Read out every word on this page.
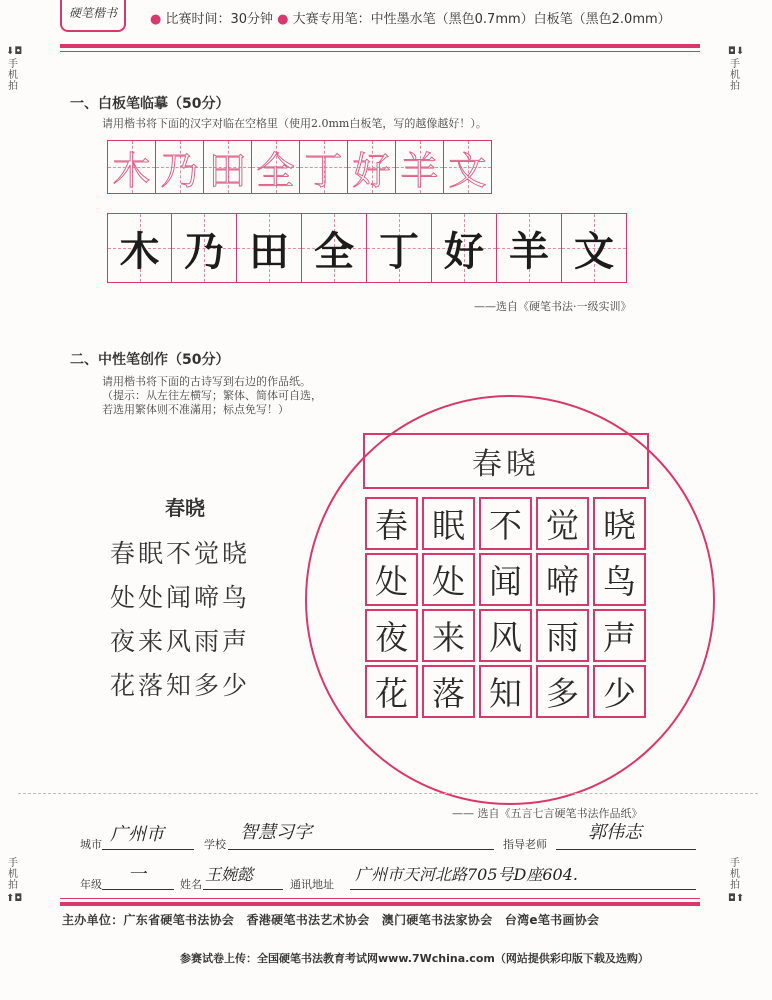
硬笔楷书	● 比赛时间：30分钟 ● 大赛专用笔：中性墨水笔（黑色0.7mm）白板笔（黑色2.0mm）
⬇◘
手机拍
◘⬇
手机拍
手机拍
⬆◘
手机拍
◘⬆
一、白板笔临摹（50分）
请用楷书将下面的汉字对临在空格里（使用2.0mm白板笔，写的越像越好！）。
木 乃 田 全 丁 好 羊 文
木 乃 田 全 丁 好 羊 文
——选自《硬笔书法·一级实训》
二、中性笔创作（50分）
请用楷书将下面的古诗写到右边的作品纸。
（提示：从左往左横写；繁体、简体可自选，
若选用繁体则不准滿用；标点免写！）
春晓
春眠不觉晓
处处闻啼鸟
夜来风雨声
花落知多少
春晓
春 眠 不 觉 晓
处 处 闻 啼 鸟
夜 来 风 雨 声
花 落 知 多 少
—— 选自《五言七言硬笔书法作品纸》
城市 广州市	学校
智慧习字
指导老师
郭伟志
年级 一	姓名
王婉懿
通讯地址
广州市天河北路705号D座604.
主办单位：广东省硬笔书法协会　香港硬笔书法艺术协会　澳门硬笔书法家协会　台湾e笔书画协会
参赛试卷上传：全国硬笔书法教育考试网www.7Wchina.com（网站提供彩印版下载及选购）
